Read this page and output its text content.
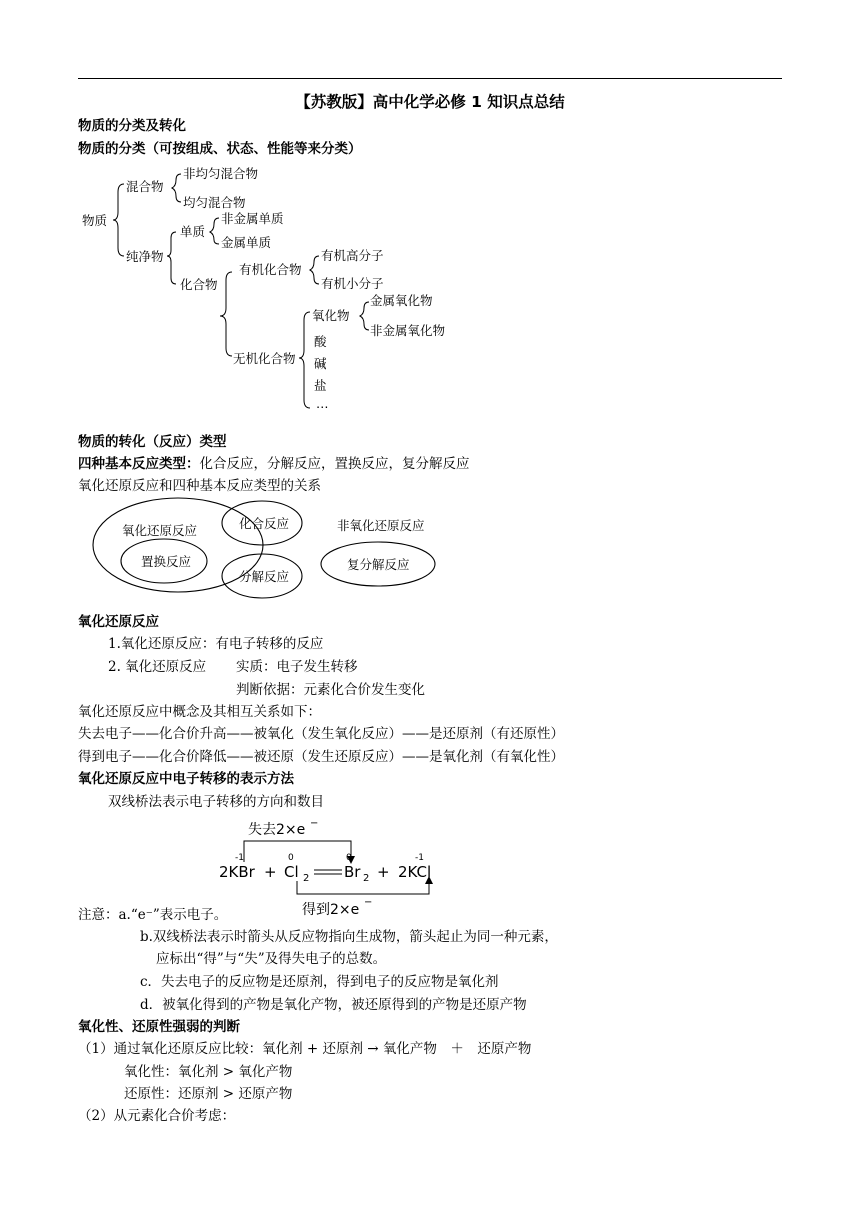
【苏教版】高中化学必修 1 知识点总结
物质的分类及转化
物质的分类（可按组成、状态、性能等来分类）
物质
混合物
非均匀混合物
均匀混合物
纯净物
单质
非金属单质
金属单质
化合物
有机化合物
有机高分子
有机小分子
无机化合物
氧化物
金属氧化物
非金属氧化物
酸
碱
盐
…
物质的转化（反应）类型
四种基本反应类型：化合反应，分解反应，置换反应，复分解反应
氧化还原反应和四种基本反应类型的关系
氧化还原反应
置换反应
化合反应
分解反应
非氧化还原反应
复分解反应
氧化还原反应
1.氧化还原反应：有电子转移的反应
2. 氧化还原反应 实质：电子发生转移
判断依据：元素化合价发生变化
氧化还原反应中概念及其相互关系如下：
失去电子——化合价升高——被氧化（发生氧化反应）——是还原剂（有还原性）
得到电子——化合价降低——被还原（发生还原反应）——是氧化剂（有氧化性）
氧化还原反应中电子转移的表示方法
双线桥法表示电子转移的方向和数目
失去2×e −
-1	0	0	-1
2KBr + Cl 2 Br 2 + 2KCl
得到2×e −
注意：a.“e⁻”表示电子。
b.双线桥法表示时箭头从反应物指向生成物，箭头起止为同一种元素，
应标出“得”与“失”及得失电子的总数。
c．失去电子的反应物是还原剂，得到电子的反应物是氧化剂
d．被氧化得到的产物是氧化产物，被还原得到的产物是还原产物
氧化性、还原性强弱的判断
（1）通过氧化还原反应比较：氧化剂 + 还原剂 → 氧化产物　＋　还原产物
氧化性：氧化剂 > 氧化产物
还原性：还原剂 > 还原产物
（2）从元素化合价考虑：
